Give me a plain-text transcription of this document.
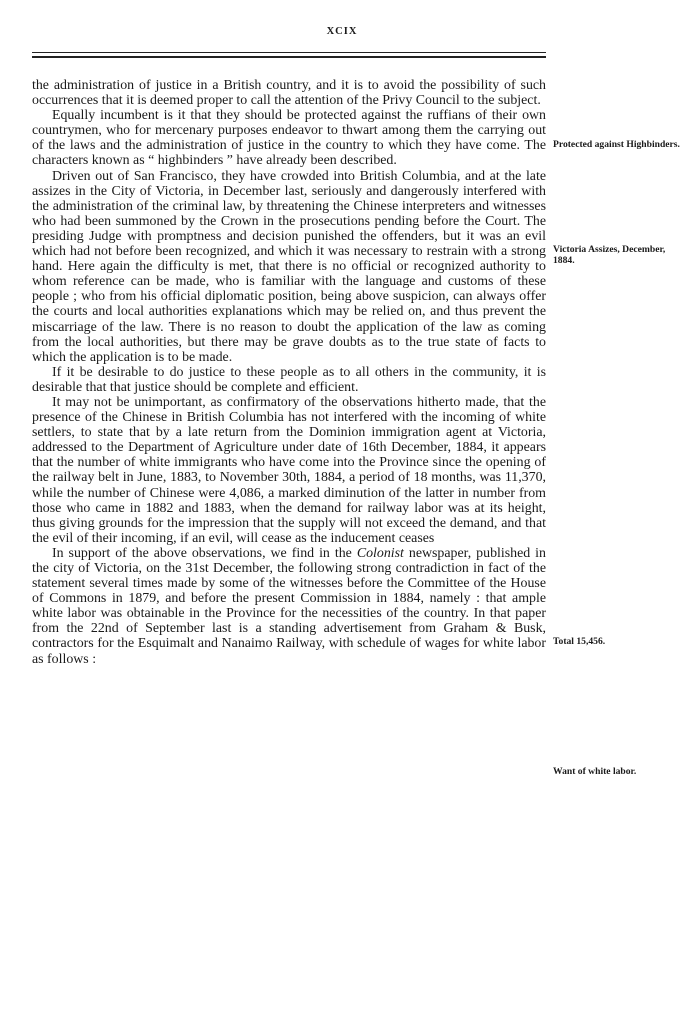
XCIX

the administration of justice in a British country, and it is to avoid the possibility of such occurrences that it is deemed proper to call the attention of the Privy Council to the subject.

Equally incumbent is it that they should be protected against the ruffians of their own countrymen, who for mercenary purposes endeavor to thwart among them the carrying out of the laws and the administration of justice in the country to which they have come. The characters known as “ highbinders ” have already been described.

Driven out of San Francisco, they have crowded into British Columbia, and at the late assizes in the City of Victoria, in December last, seriously and dangerously interfered with the administration of the criminal law, by threatening the Chinese interpreters and witnesses who had been summoned by the Crown in the prosecutions pending before the Court. The presiding Judge with promptness and decision punished the offenders, but it was an evil which had not before been recognized, and which it was necessary to restrain with a strong hand. Here again the difficulty is met, that there is no official or recognized authority to whom reference can be made, who is familiar with the language and customs of these people ; who from his official diplomatic position, being above suspicion, can always offer the courts and local authorities explanations which may be relied on, and thus prevent the miscarriage of the law. There is no reason to doubt the application of the law as coming from the local authorities, but there may be grave doubts as to the true state of facts to which the application is to be made.

If it be desirable to do justice to these people as to all others in the community, it is desirable that that justice should be complete and efficient.

It may not be unimportant, as confirmatory of the observations hitherto made, that the presence of the Chinese in British Columbia has not interfered with the incoming of white settlers, to state that by a late return from the Dominion immigration agent at Victoria, addressed to the Department of Agriculture under date of 16th December, 1884, it appears that the number of white immigrants who have come into the Province since the opening of the railway belt in June, 1883, to November 30th, 1884, a period of 18 months, was 11,370, while the number of Chinese were 4,086, a marked diminution of the latter in number from those who came in 1882 and 1883, when the demand for railway labor was at its height, thus giving grounds for the impression that the supply will not exceed the demand, and that the evil of their incoming, if an evil, will cease as the inducement ceases

In support of the above observations, we find in the Colonist newspaper, published in the city of Victoria, on the 31st December, the following strong contradiction in fact of the statement several times made by some of the witnesses before the Committee of the House of Commons in 1879, and before the present Commission in 1884, namely : that ample white labor was obtainable in the Province for the necessities of the country. In that paper from the 22nd of September last is a standing advertisement from Graham & Busk, contractors for the Esquimalt and Nanaimo Railway, with schedule of wages for white labor as follows :

Protected against Highbinders.
Victoria Assizes, December, 1884.
Total 15,456.
Want of white labor.
